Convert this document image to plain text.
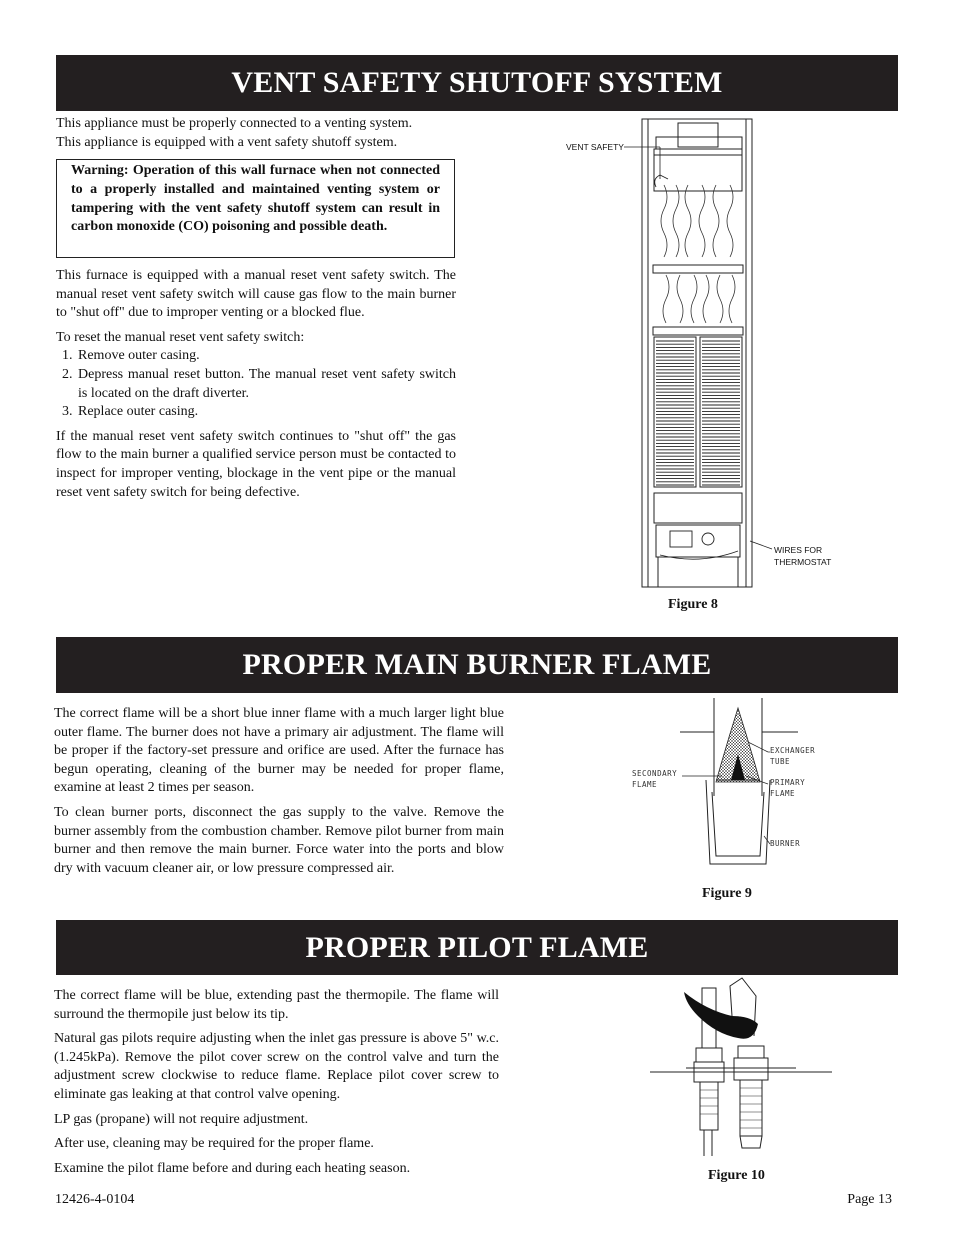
VENT SAFETY SHUTOFF SYSTEM
This appliance must be properly connected to a venting system.
This appliance is equipped with a vent safety shutoff system.
Warning: Operation of this wall furnace when not connected to a properly installed and maintained venting system or tampering with the vent safety shutoff system can result in carbon monoxide (CO) poisoning and possible death.

This furnace is equipped with a manual reset vent safety switch. The manual reset vent safety switch will cause gas flow to the main burner to "shut off" due to improper venting or a blocked flue.

To reset the manual reset vent safety switch:
1. Remove outer casing.
2. Depress manual reset button. The manual reset vent safety switch is located on the draft diverter.
3. Replace outer casing.

If the manual reset vent safety switch continues to "shut off" the gas flow to the main burner a qualified service person must be contacted to inspect for improper venting, blockage in the vent pipe or the manual reset vent safety switch for being defective.

VENT SAFETY
WIRES FOR
THERMOSTAT
Figure 8
PROPER MAIN BURNER FLAME

The correct flame will be a short blue inner flame with a much larger light blue outer flame. The burner does not have a primary air adjustment. The flame will be proper if the factory-set pressure and orifice are used. After the furnace has begun operating, cleaning of the burner may be needed for proper flame, examine at least 2 times per season.

To clean burner ports, disconnect the gas supply to the valve. Remove the burner assembly from the combustion chamber. Remove pilot burner from main burner and then remove the main burner. Force water into the ports and blow dry with vacuum cleaner air, or low pressure compressed air.

EXCHANGER
TUBE
SECONDARY
FLAME	PRIMARY
FLAME
BURNER
Figure 9
PROPER PILOT FLAME

The correct flame will be blue, extending past the thermopile. The flame will surround the thermopile just below its tip.

Natural gas pilots require adjusting when the inlet gas pressure is above 5" w.c. (1.245kPa). Remove the pilot cover screw on the control valve and turn the adjustment screw clockwise to reduce flame. Replace pilot cover screw to eliminate gas leaking at that control valve opening.

LP gas (propane) will not require adjustment.

After use, cleaning may be required for the proper flame.

Examine the pilot flame before and during each heating season.	Figure 10
12426-4-0104	Page 13
